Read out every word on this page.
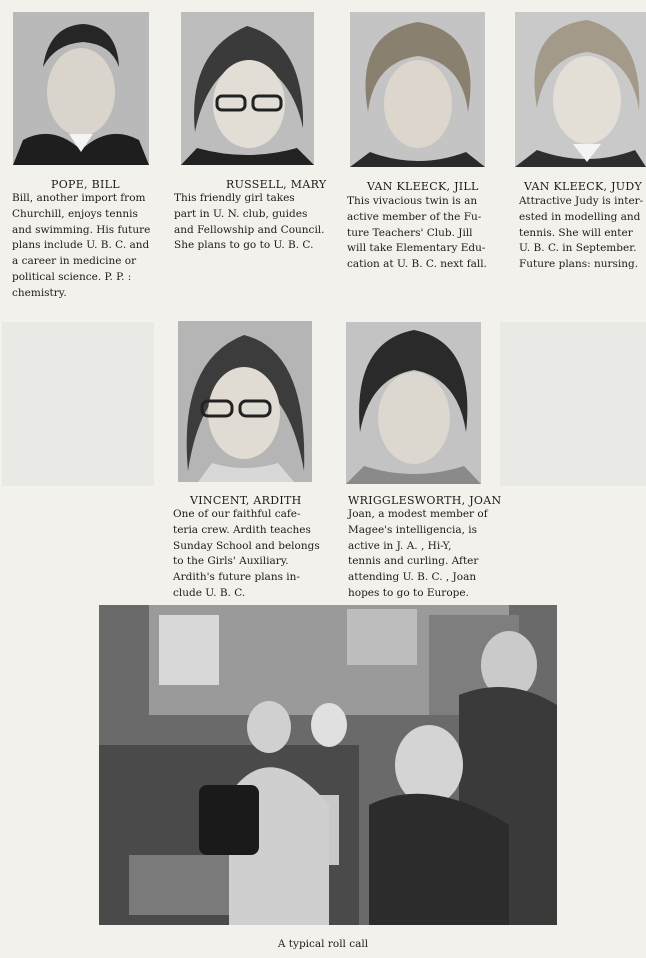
POPE, BILL	RUSSELL, MARY	VAN KLEECK, JILL	VAN KLEECK, JUDY
Bill, another import from
Churchill, enjoys tennis
and swimming. His future
plans include U. B. C. and
a career in medicine or
political science. P. P. :
chemistry.
This friendly girl takes
part in U. N. club, guides
and Fellowship and Council.
She plans to go to U. B. C.
This vivacious twin is an
active member of the Fu-
ture Teachers' Club. Jill
will take Elementary Edu-
cation at U. B. C. next fall.
Attractive Judy is inter-
ested in modelling and
tennis. She will enter
U. B. C. in September.
Future plans: nursing.
VINCENT, ARDITH	WRIGGLESWORTH, JOAN
One of our faithful cafe-
teria crew. Ardith teaches
Sunday School and belongs
to the Girls' Auxiliary.
Ardith's future plans in-
clude U. B. C.
Joan, a modest member of
Magee's intelligencia, is
active in J. A. , Hi-Y,
tennis and curling. After
attending U. B. C. , Joan
hopes to go to Europe.
A typical roll call
